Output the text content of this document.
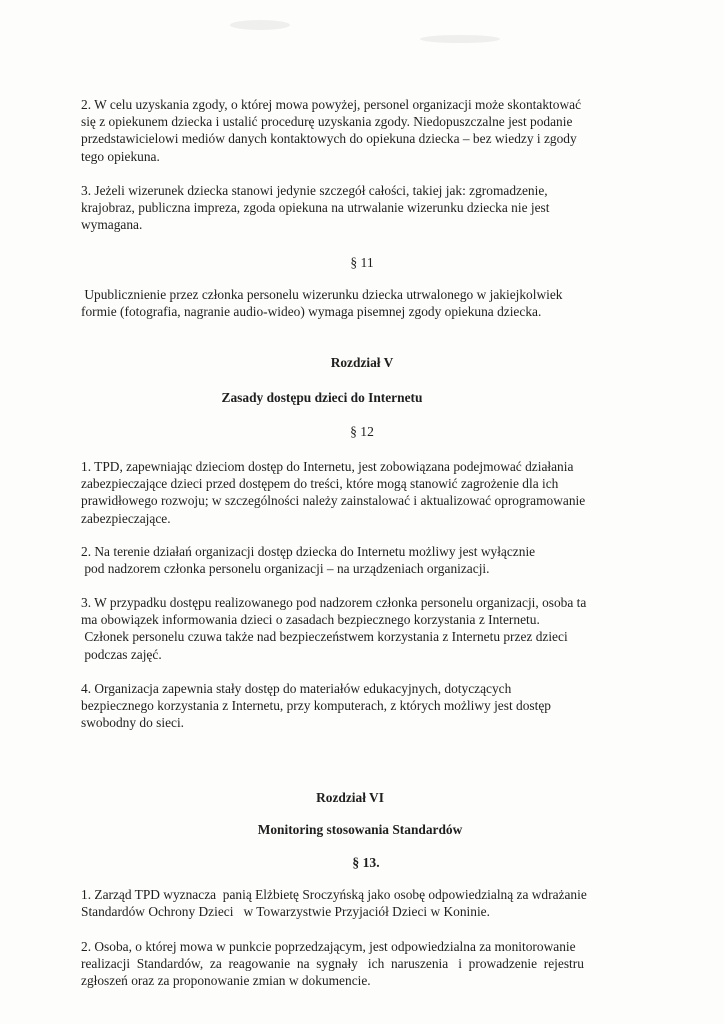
2. W celu uzyskania zgody, o której mowa powyżej, personel organizacji może skontaktować
się z opiekunem dziecka i ustalić procedurę uzyskania zgody. Niedopuszczalne jest podanie
przedstawicielowi mediów danych kontaktowych do opiekuna dziecka – bez wiedzy i zgody
tego opiekuna.
3. Jeżeli wizerunek dziecka stanowi jedynie szczegół całości, takiej jak: zgromadzenie,
krajobraz, publiczna impreza, zgoda opiekuna na utrwalanie wizerunku dziecka nie jest
wymagana.

§ 11

Upublicznienie przez członka personelu wizerunku dziecka utrwalonego w jakiejkolwiek
formie (fotografia, nagranie audio-wideo) wymaga pisemnej zgody opiekuna dziecka.

Rozdział V

Zasady dostępu dzieci do Internetu

§ 12

1. TPD, zapewniając dzieciom dostęp do Internetu, jest zobowiązana podejmować działania
zabezpieczające dzieci przed dostępem do treści, które mogą stanowić zagrożenie dla ich
prawidłowego rozwoju; w szczególności należy zainstalować i aktualizować oprogramowanie
zabezpieczające.
2. Na terenie działań organizacji dostęp dziecka do Internetu możliwy jest wyłącznie
pod nadzorem członka personelu organizacji – na urządzeniach organizacji.
3. W przypadku dostępu realizowanego pod nadzorem członka personelu organizacji, osoba ta
ma obowiązek informowania dzieci o zasadach bezpiecznego korzystania z Internetu.
Członek personelu czuwa także nad bezpieczeństwem korzystania z Internetu przez dzieci
podczas zajęć.
4. Organizacja zapewnia stały dostęp do materiałów edukacyjnych, dotyczących
bezpiecznego korzystania z Internetu, przy komputerach, z których możliwy jest dostęp
swobodny do sieci.

Rozdział VI

Monitoring stosowania Standardów

§ 13.

1. Zarząd TPD wyznacza  panią Elżbietę Sroczyńską jako osobę odpowiedzialną za wdrażanie
Standardów Ochrony Dzieci   w Towarzystwie Przyjaciół Dzieci w Koninie.
2. Osoba, o której mowa w punkcie poprzedzającym, jest odpowiedzialna za monitorowanie
realizacji  Standardów,  za  reagowanie  na  sygnały   ich  naruszenia   i  prowadzenie  rejestru
zgłoszeń oraz za proponowanie zmian w dokumencie.
